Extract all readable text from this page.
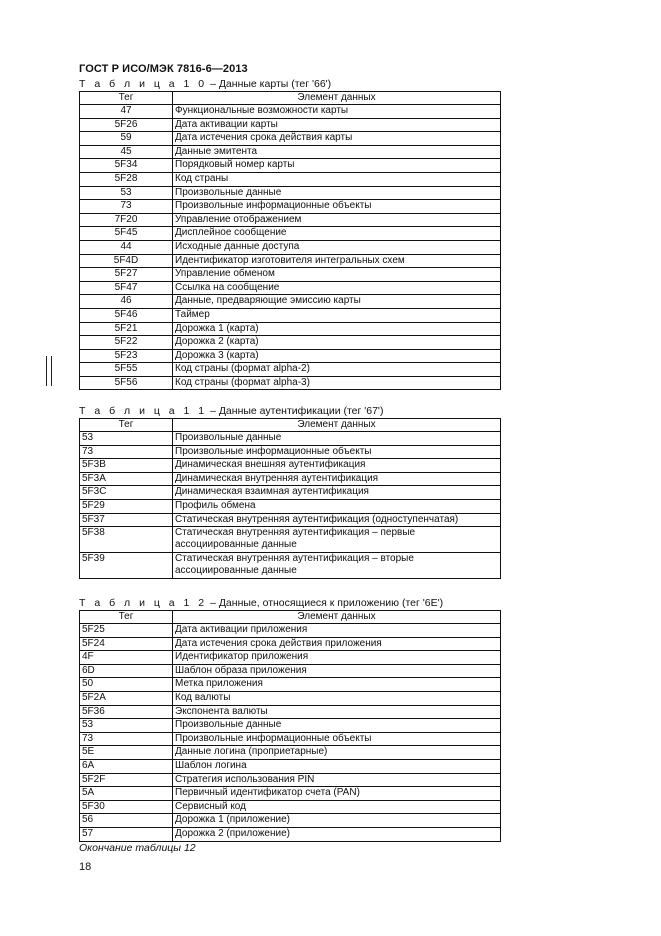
ГОСТ Р ИСО/МЭК 7816-6—2013
Т а б л и ц а 1 0 – Данные карты (тег '66')
Тег	Элемент данных
47	Функциональные возможности карты
5F26	Дата активации карты
59	Дата истечения срока действия карты
45	Данные эмитента
5F34	Порядковый номер карты
5F28	Код страны
53	Произвольные данные
73	Произвольные информационные объекты
7F20	Управление отображением
5F45	Дисплейное сообщение
44	Исходные данные доступа
5F4D	Идентификатор изготовителя интегральных схем
5F27	Управление обменом
5F47	Ссылка на сообщение
46	Данные, предваряющие эмиссию карты
5F46	Таймер
5F21	Дорожка 1 (карта)
5F22	Дорожка 2 (карта)
5F23	Дорожка 3 (карта)
5F55	Код страны (формат alpha-2)
5F56	Код страны (формат alpha-3)
Т а б л и ц а 1 1 – Данные аутентификации (тег '67')
Тег	Элемент данных
53	Произвольные данные
73	Произвольные информационные объекты
5F3B	Динамическая внешняя аутентификация
5F3A	Динамическая внутренняя аутентификация
5F3C	Динамическая взаимная аутентификация
5F29	Профиль обмена
5F37	Статическая внутренняя аутентификация (одноступенчатая)
5F38	Статическая внутренняя аутентификация – первые ассоциированные данные
5F39	Статическая внутренняя аутентификация – вторые ассоциированные данные
Т а б л и ц а 1 2 – Данные, относящиеся к приложению (тег '6E')
Тег	Элемент данных
5F25	Дата активации приложения
5F24	Дата истечения срока действия приложения
4F	Идентификатор приложения
6D	Шаблон образа приложения
50	Метка приложения
5F2A	Код валюты
5F36	Экспонента валюты
53	Произвольные данные
73	Произвольные информационные объекты
5E	Данные логина (проприетарные)
6A	Шаблон логина
5F2F	Стратегия использования PIN
5A	Первичный идентификатор счета (PAN)
5F30	Сервисный код
56	Дорожка 1 (приложение)
57	Дорожка 2 (приложение)
Окончание таблицы 12
18
